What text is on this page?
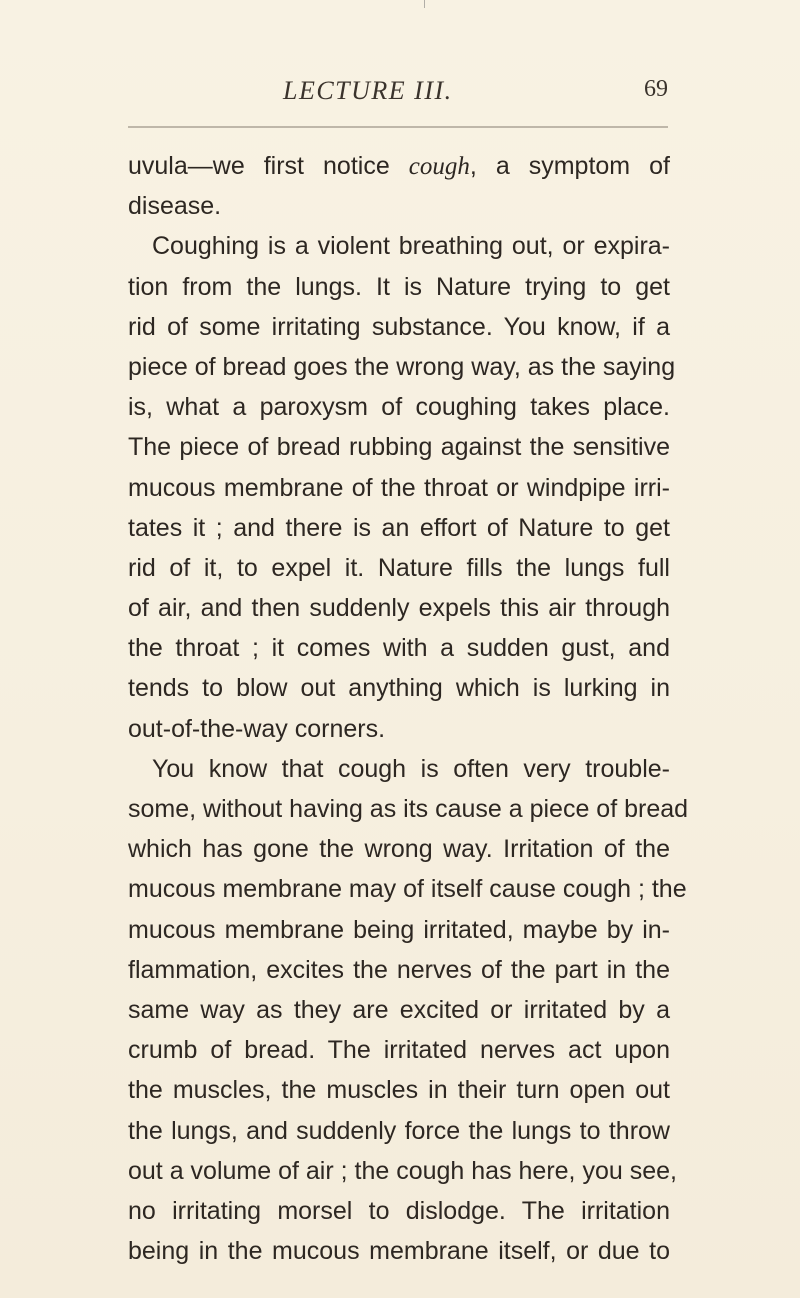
LECTURE III.	69
uvula—we first notice cough, a symptom of
disease.
Coughing is a violent breathing out, or expira-
tion from the lungs. It is Nature trying to get
rid of some irritating substance. You know, if a
piece of bread goes the wrong way, as the saying
is, what a paroxysm of coughing takes place.
The piece of bread rubbing against the sensitive
mucous membrane of the throat or windpipe irri-
tates it ; and there is an effort of Nature to get
rid of it, to expel it. Nature fills the lungs full
of air, and then suddenly expels this air through
the throat ; it comes with a sudden gust, and
tends to blow out anything which is lurking in
out-of-the-way corners.
You know that cough is often very trouble-
some, without having as its cause a piece of bread
which has gone the wrong way. Irritation of the
mucous membrane may of itself cause cough ; the
mucous membrane being irritated, maybe by in-
flammation, excites the nerves of the part in the
same way as they are excited or irritated by a
crumb of bread. The irritated nerves act upon
the muscles, the muscles in their turn open out
the lungs, and suddenly force the lungs to throw
out a volume of air ; the cough has here, you see,
no irritating morsel to dislodge. The irritation
being in the mucous membrane itself, or due to
